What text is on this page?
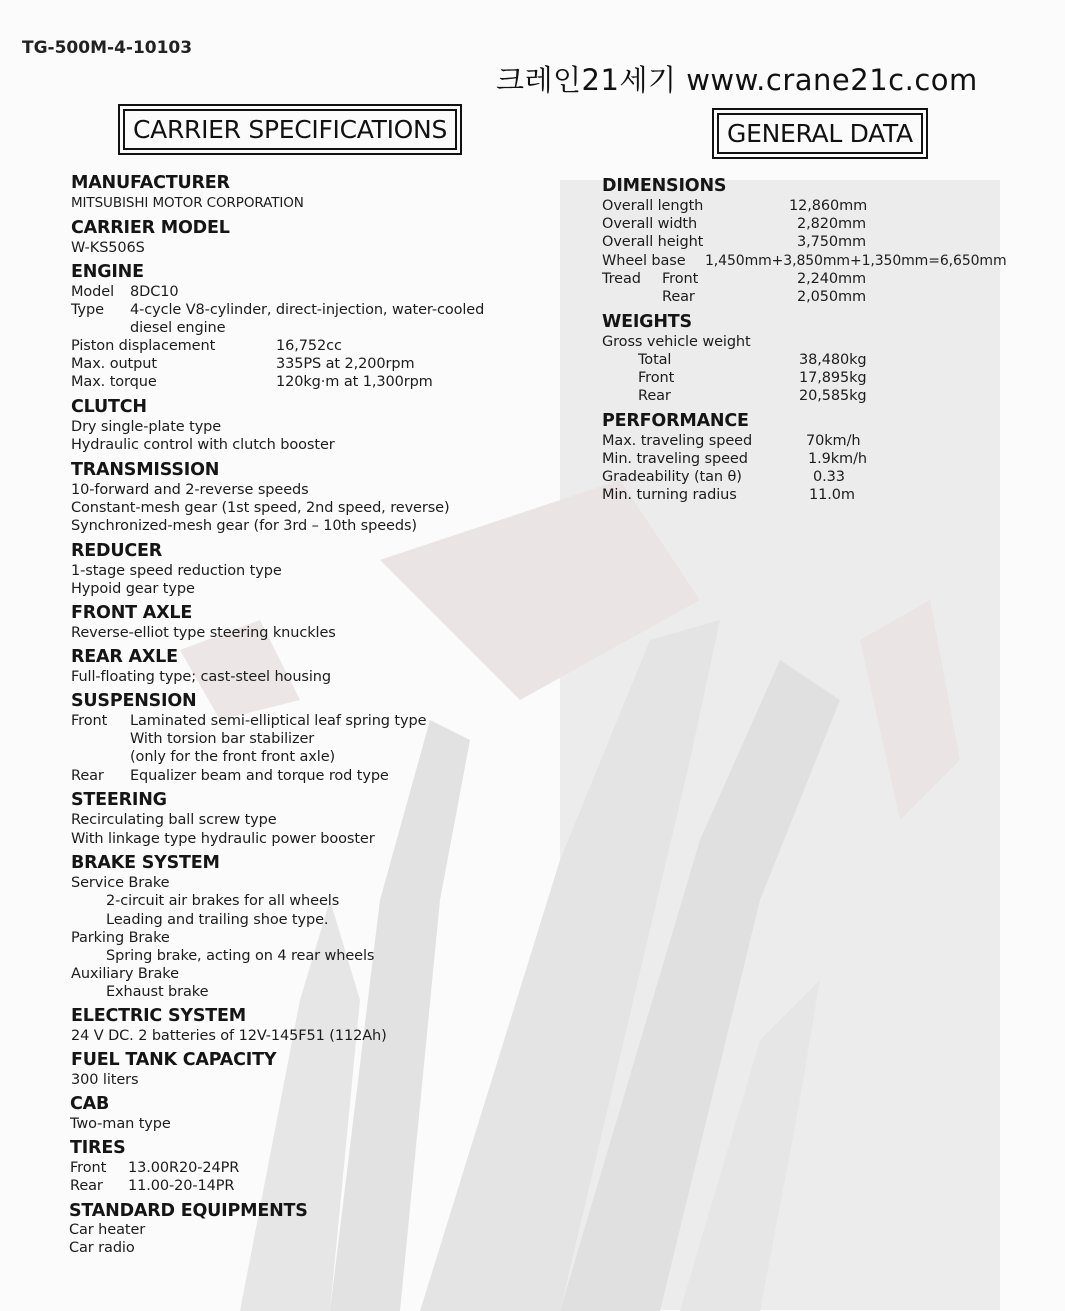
TG-500M-4-10103
크레인21세기 www.crane21c.com
CARRIER SPECIFICATIONS	GENERAL DATA
MANUFACTURER
MITSUBISHI MOTOR CORPORATION
CARRIER MODEL
W-KS506S
ENGINE
Model 8DC10
Type 4-cycle V8-cylinder, direct-injection, water-cooled
diesel engine
Piston displacement	16,752cc
Max. output	335PS at 2,200rpm
Max. torque	120kg·m at 1,300rpm
CLUTCH
Dry single-plate type
Hydraulic control with clutch booster
TRANSMISSION
10-forward and 2-reverse speeds
Constant-mesh gear (1st speed, 2nd speed, reverse)
Synchronized-mesh gear (for 3rd – 10th speeds)
REDUCER
1-stage speed reduction type
Hypoid gear type
FRONT AXLE
Reverse-elliot type steering knuckles
REAR AXLE
Full-floating type; cast-steel housing
SUSPENSION
Front Laminated semi-elliptical leaf spring type
With torsion bar stabilizer
(only for the front front axle)
Rear Equalizer beam and torque rod type
STEERING
Recirculating ball screw type
With linkage type hydraulic power booster
BRAKE SYSTEM
Service Brake
2-circuit air brakes for all wheels
Leading and trailing shoe type.
Parking Brake
Spring brake, acting on 4 rear wheels
Auxiliary Brake
Exhaust brake
ELECTRIC SYSTEM
24 V DC. 2 batteries of 12V-145F51 (112Ah)
FUEL TANK CAPACITY
300 liters
CAB
Two-man type
TIRES
Front 13.00R20-24PR
Rear 11.00-20-14PR
STANDARD EQUIPMENTS
Car heater
Car radio
DIMENSIONS
Overall length	12,860mm
Overall width	2,820mm
Overall height	3,750mm
Wheel base 1,450mm+3,850mm+1,350mm=6,650mm
Tread Front	2,240mm
Rear	2,050mm
WEIGHTS
Gross vehicle weight
Total	38,480kg
Front	17,895kg
Rear	20,585kg
PERFORMANCE
Max. traveling speed	70km/h
Min. traveling speed	1.9km/h
Gradeability (tan θ)	0.33
Min. turning radius	11.0m
